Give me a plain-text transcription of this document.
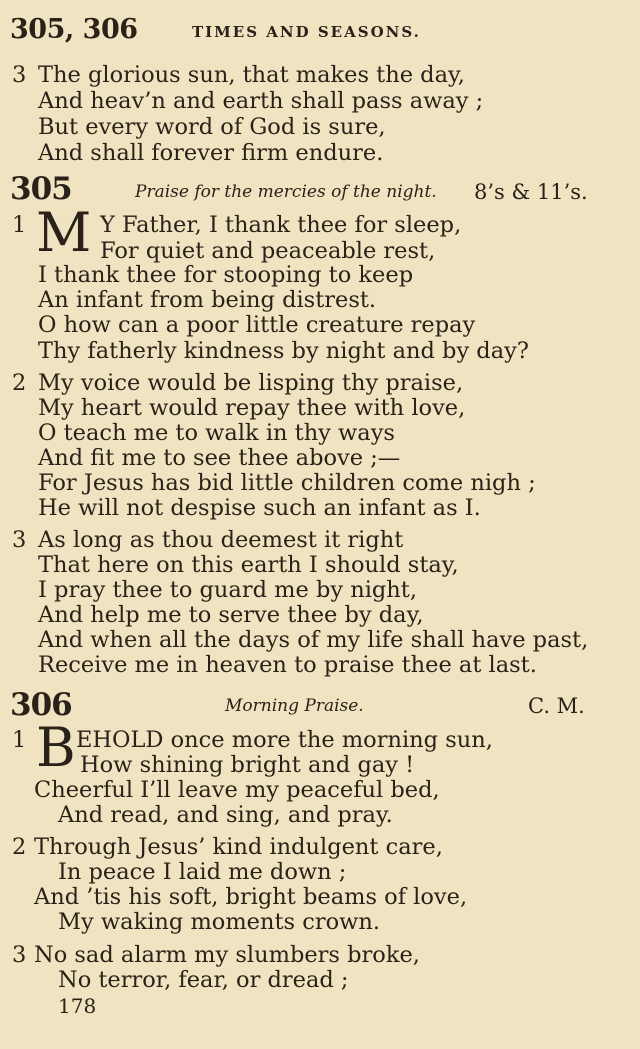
305, 306	TIMES AND SEASONS.
3 The glorious sun, that makes the day,
And heav’n and earth shall pass away ;
But every word of God is sure,
And shall forever firm endure.
305	Praise for the mercies of the night. 8’s & 11’s.
1 M Y Father, I thank thee for sleep,
For quiet and peaceable rest,
I thank thee for stooping to keep
An infant from being distrest.
O how can a poor little creature repay
Thy fatherly kindness by night and by day?
2 My voice would be lisping thy praise,
My heart would repay thee with love,
O teach me to walk in thy ways
And fit me to see thee above ;—
For Jesus has bid little children come nigh ;
He will not despise such an infant as I.
3 As long as thou deemest it right
That here on this earth I should stay,
I pray thee to guard me by night,
And help me to serve thee by day,
And when all the days of my life shall have past,
Receive me in heaven to praise thee at last.
306	Morning Praise.	C. M.
1 B EHOLD once more the morning sun,
How shining bright and gay !
Cheerful I’ll leave my peaceful bed,
And read, and sing, and pray.
2 Through Jesus’ kind indulgent care,
In peace I laid me down ;
And ’tis his soft, bright beams of love,
My waking moments crown.
3 No sad alarm my slumbers broke,
No terror, fear, or dread ;
178
